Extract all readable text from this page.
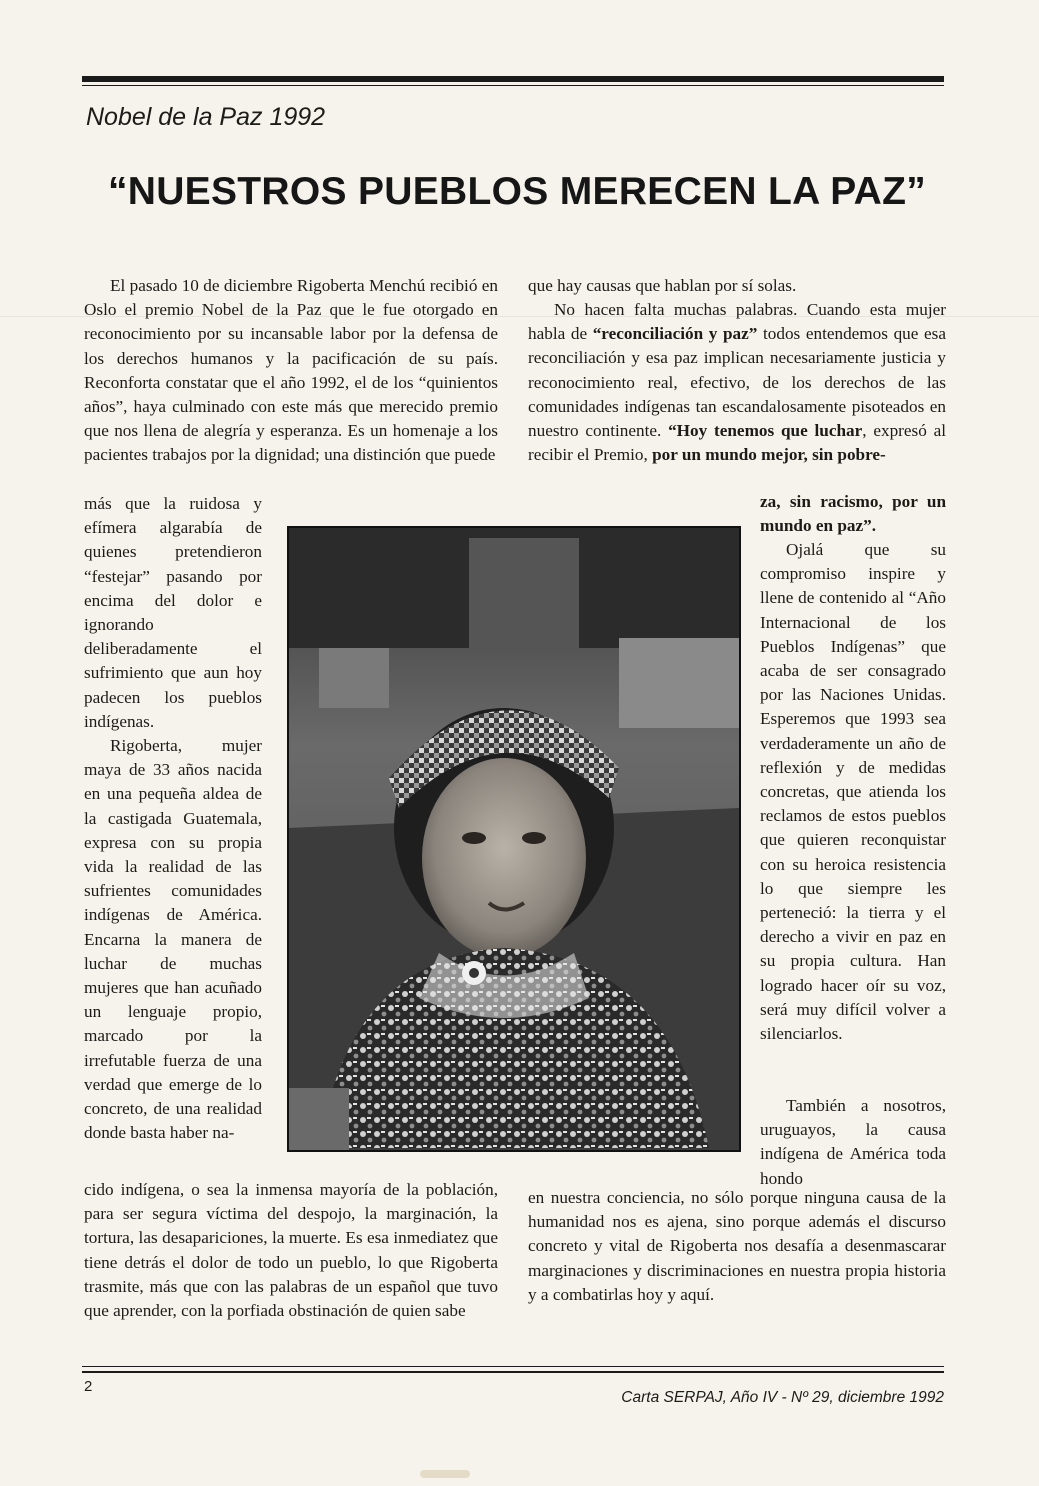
Nobel de la Paz 1992
“NUESTROS PUEBLOS MERECEN LA PAZ”

El pasado 10 de diciembre Rigoberta Menchú recibió en Oslo el premio Nobel de la Paz que le fue otorgado en reconocimiento por su incansable labor por la defensa de los derechos humanos y la pacificación de su país. Reconforta constatar que el año 1992, el de los “quinientos años”, haya culminado con este más que merecido premio que nos llena de alegría y esperanza. Es un homenaje a los pacientes trabajos por la dignidad; una distinción que puede

más que la ruidosa y efímera algarabía de quienes pretendieron “festejar” pasando por encima del dolor e ignorando deliberadamente el sufrimiento que aun hoy padecen los pueblos indígenas.

Rigoberta, mujer maya de 33 años nacida en una pequeña aldea de la castigada Guatemala, expresa con su propia vida la realidad de las sufrientes comunidades indígenas de América. Encarna la manera de luchar de muchas mujeres que han acuñado un lenguaje propio, marcado por la irrefutable fuerza de una verdad que emerge de lo concreto, de una realidad donde basta haber na-

cido indígena, o sea la inmensa mayoría de la población, para ser segura víctima del despojo, la marginación, la tortura, las desapariciones, la muerte. Es esa inmediatez que tiene detrás el dolor de todo un pueblo, lo que Rigoberta trasmite, más que con las palabras de un español que tuvo que aprender, con la porfiada obstinación de quien sabe

que hay causas que hablan por sí solas.

No hacen falta muchas palabras. Cuando esta mujer habla de “reconciliación y paz” todos entendemos que esa reconciliación y esa paz implican necesariamente justicia y reconocimiento real, efectivo, de los derechos de las comunidades indígenas tan escandalosamente pisoteados en nuestro continente. “Hoy tenemos que luchar, expresó al recibir el Premio, por un mundo mejor, sin pobre-

za, sin racismo, por un mundo en paz”.

Ojalá que su compromiso inspire y llene de contenido al “Año Internacional de los Pueblos Indígenas” que acaba de ser consagrado por las Naciones Unidas. Esperemos que 1993 sea verdaderamente un año de reflexión y de medidas concretas, que atienda los reclamos de estos pueblos que quieren reconquistar con su heroica resistencia lo que siempre les perteneció: la tierra y el derecho a vivir en paz en su propia cultura. Han logrado hacer oír su voz, será muy difícil volver a silenciarlos.

También a nosotros, uruguayos, la causa indígena de América toda hondo

en nuestra conciencia, no sólo porque ninguna causa de la humanidad nos es ajena, sino porque además el discurso concreto y vital de Rigoberta nos desafía a desenmascarar marginaciones y discriminaciones en nuestra propia historia y a combatirlas hoy y aquí.

2
Carta SERPAJ, Año IV - Nº 29, diciembre 1992
